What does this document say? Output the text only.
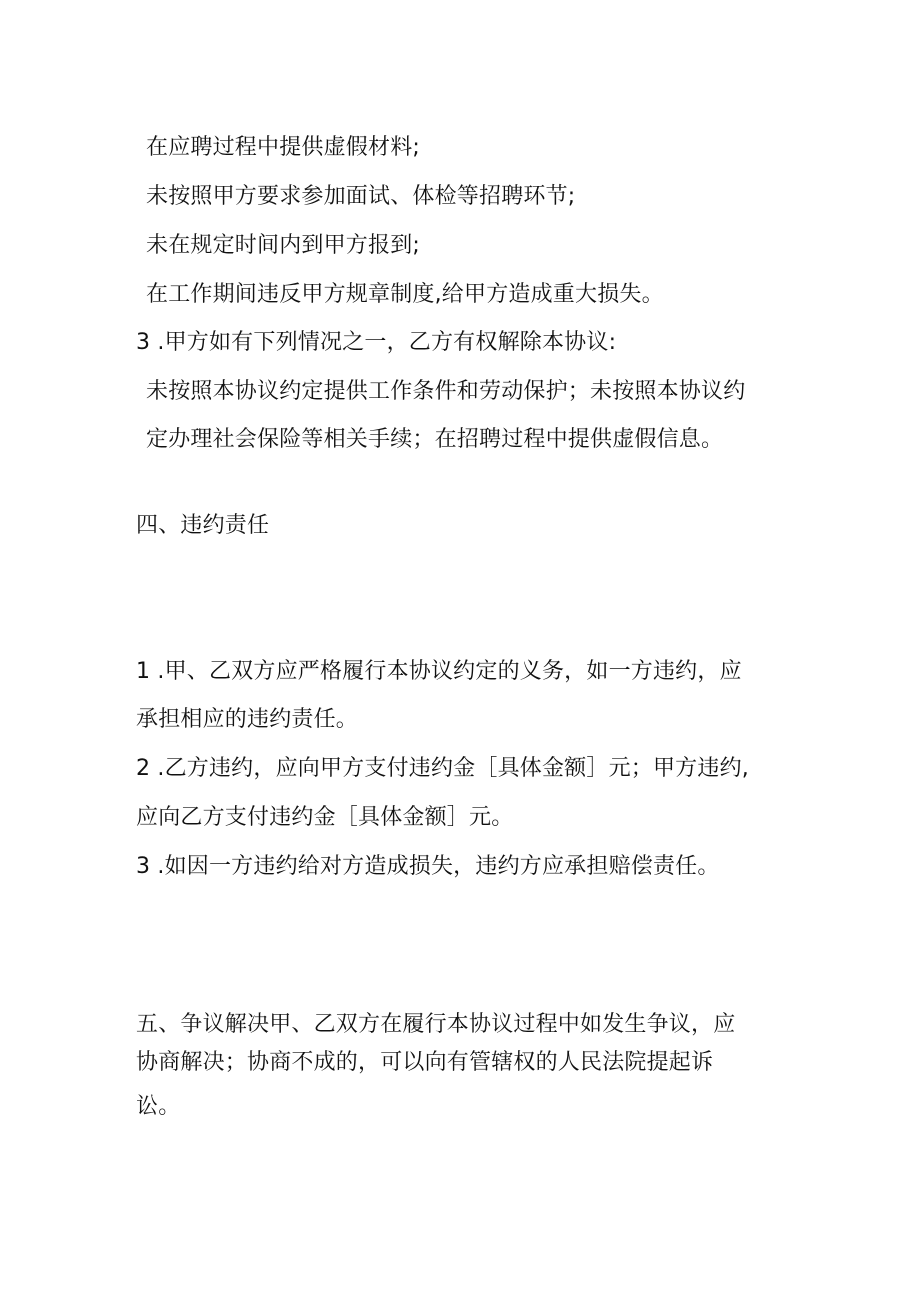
在应聘过程中提供虚假材料;
未按照甲方要求参加面试、体检等招聘环节;
未在规定时间内到甲方报到;
在工作期间违反甲方规章制度,给甲方造成重大损失。
3 .甲方如有下列情况之一，乙方有权解除本协议:
未按照本协议约定提供工作条件和劳动保护；未按照本协议约
定办理社会保险等相关手续；在招聘过程中提供虚假信息。
四、违约责任
1 .甲、乙双方应严格履行本协议约定的义务，如一方违约，应
承担相应的违约责任。
2 .乙方违约，应向甲方支付违约金［具体金额］元；甲方违约,
应向乙方支付违约金［具体金额］元。
3 .如因一方违约给对方造成损失，违约方应承担赔偿责任。
五、争议解决甲、乙双方在履行本协议过程中如发生争议，应
协商解决；协商不成的，可以向有管辖权的人民法院提起诉
讼。
